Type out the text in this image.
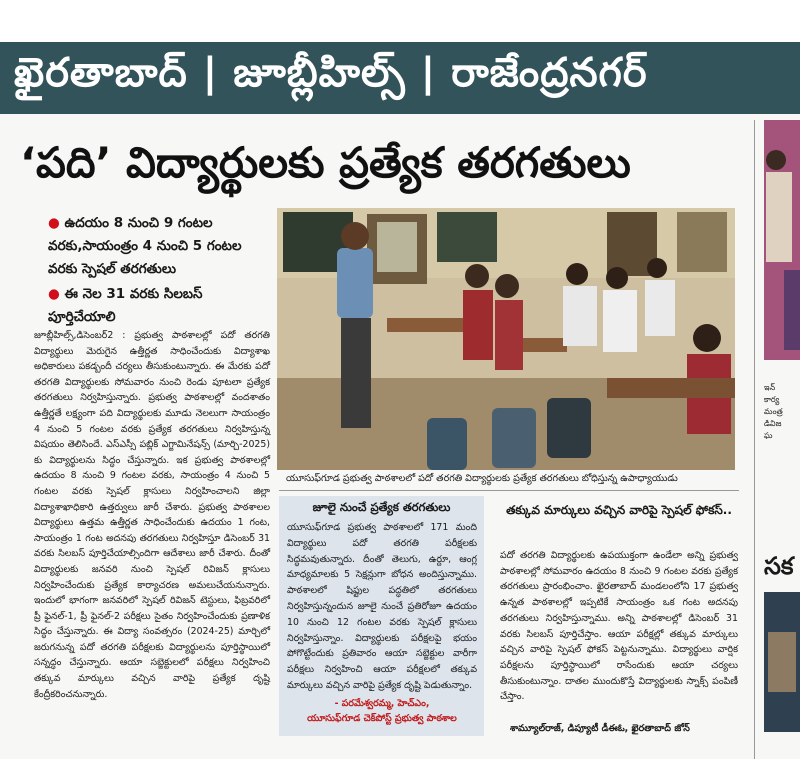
ఖైరతాబాద్ | జూబ్లీహిల్స్ | రాజేంద్రనగర్
‘పది’ విద్యార్థులకు ప్రత్యేక తరగతులు
● ఉదయం 8 నుంచి 9 గంటల వరకు,సాయంత్రం 4 నుంచి 5 గంటల వరకు స్పెషల్ తరగతులు
● ఈ నెల 31 వరకు సిలబస్ పూర్తిచేయాలి
జూబ్లీహిల్స్,డిసెంబర్2 : ప్రభుత్వ పాఠశాలల్లో పదో తరగతి విద్యార్థులు మెరుగైన ఉత్తీర్ణత సాధించేందుకు విద్యాశాఖ అధికారులు పకడ్బందీ చర్యలు తీసుకుంటున్నారు. ఈ మేరకు పదో తరగతి విద్యార్థులకు సోమవారం నుంచి రెండు పూటలా ప్రత్యేక తరగతులు నిర్వహిస్తున్నారు. ప్రభుత్వ పాఠశాలల్లో వందశాతం ఉత్తీర్ణతే లక్ష్యంగా పది విద్యార్థులకు మూడు నెలలుగా సాయంత్రం 4 నుంచి 5 గంటల వరకు ప్రత్యేక తరగతులు నిర్వహిస్తున్న విషయం తెలిసిందే. ఎస్ఎస్సీ పబ్లిక్ ఎగ్జామినేషన్స్ (మార్చి-2025) కు విద్యార్థులను సిద్ధం చేస్తున్నారు. ఇక ప్రభుత్వ పాఠశాలల్లో ఉదయం 8 నుంచి 9 గంటల వరకు, సాయంత్రం 4 నుంచి 5 గంటల వరకు స్పెషల్ క్లాసులు నిర్వహించాలని జిల్లా విద్యాశాఖాధికారి ఉత్తర్వులు జారీ చేశారు. ప్రభుత్వ పాఠశాలల విద్యార్థులు ఉత్తమ ఉత్తీర్ణత సాధించేందుకు ఉదయం 1 గంట, సాయంత్రం 1 గంట అదనపు తరగతులు నిర్వహిస్తూ డిసెంబర్ 31 వరకు సిలబస్ పూర్తిచేయాల్సిందిగా ఆదేశాలు జారీ చేశారు. దీంతో విద్యార్థులకు జనవరి నుంచి స్పెషల్ రివిజన్ క్లాసులు నిర్వహించేందుకు ప్రత్యేక కార్యాచరణ అమలుచేయనున్నారు. ఇందులో భాగంగా జనవరిలో స్పెషల్ రివిజన్ టెస్టులు, ఫిబ్రవరిలో ప్రీ ఫైనల్-1, ప్రీ ఫైనల్-2 పరీక్షలు సైతం నిర్వహించేందుకు ప్రణాళిక సిద్ధం చేస్తున్నారు. ఈ విద్యా సంవత్సరం (2024-25) మార్చిలో జరుగనున్న పదో తరగతి పరీక్షలకు విద్యార్థులను పూర్తిస్థాయిలో సన్నద్ధం చేస్తున్నారు. ఆయా సబ్జెక్టులలో పరీక్షలు నిర్వహించి తక్కువ మార్కులు వచ్చిన వారిపై ప్రత్యేక దృష్టి కేంద్రీకరించనున్నారు.
యూసుఫ్‌గూడ ప్రభుత్వ పాఠశాలలో పదో తరగతి విద్యార్థులకు ప్రత్యేక తరగతులు బోధిస్తున్న ఉపాధ్యాయుడు
జూలై నుంచే ప్రత్యేక తరగతులు
యూసుఫ్‌గూడ ప్రభుత్వ పాఠశాలలో 171 మంది విద్యార్థులు పదో తరగతి పరీక్షలకు సిద్ధమవుతున్నారు. దీంతో తెలుగు, ఉర్దూ, ఆంగ్ల మాధ్యమాలకు 5 సెక్షన్లుగా బోధన అందిస్తున్నాము. పాఠశాలలో షిఫ్టుల పద్ధతిలో తరగతులు నిర్వహిస్తున్నందున జూలై నుంచే ప్రతిరోజూ ఉదయం 10 నుంచి 12 గంటల వరకు స్పెషల్ క్లాసులు నిర్వహిస్తున్నాం. విద్యార్థులకు పరీక్షలపై భయం పోగొట్టేందుకు ప్రతివారం ఆయా సబ్జెక్టుల వారీగా పరీక్షలు నిర్వహించి ఆయా పరీక్షలలో తక్కువ మార్కులు వచ్చిన వారిపై ప్రత్యేక దృష్టి పెడుతున్నాం.
- పరమేశ్వరమ్మ, హెచ్ఎం,
యూసుఫ్‌గూడ చెక్‌పోస్ట్ ప్రభుత్వ పాఠశాల
తక్కువ మార్కులు వచ్చిన వారిపై స్పెషల్ ఫోకస్..
పదో తరగతి విద్యార్థులకు ఉపయుక్తంగా ఉండేలా అన్ని ప్రభుత్వ పాఠశాలల్లో సోమవారం ఉదయం 8 నుంచి 9 గంటల వరకు ప్రత్యేక తరగతులు ప్రారంభించాం. ఖైరతాబాద్ మండలంలోని 17 ప్రభుత్వ ఉన్నత పాఠశాలల్లో ఇప్పటికే సాయంత్రం ఒక గంట అదనపు తరగతులు నిర్వహిస్తున్నాము. అన్ని పాఠశాలల్లో డిసెంబర్ 31 వరకు సిలబస్ పూర్తిచేస్తాం. ఆయా పరీక్షల్లో తక్కువ మార్కులు వచ్చిన వారిపై స్పెషల్ ఫోకస్ పెట్టనున్నాము. విద్యార్థులు వార్షిక పరీక్షలను పూర్తిస్థాయిలో రాసేందుకు ఆయా చర్యలు తీసుకుంటున్నాం. దాతల ముందుకొస్తే విద్యార్థులకు స్నాక్స్ పంపిణీ చేస్తాం.
శామ్యూల్‌రాజ్, డిప్యూటీ డీఈఓ, ఖైరతాబాద్ జోన్
ఇన్‌
కార్య
మంత్ర
డివిజ
ఘ
సక
